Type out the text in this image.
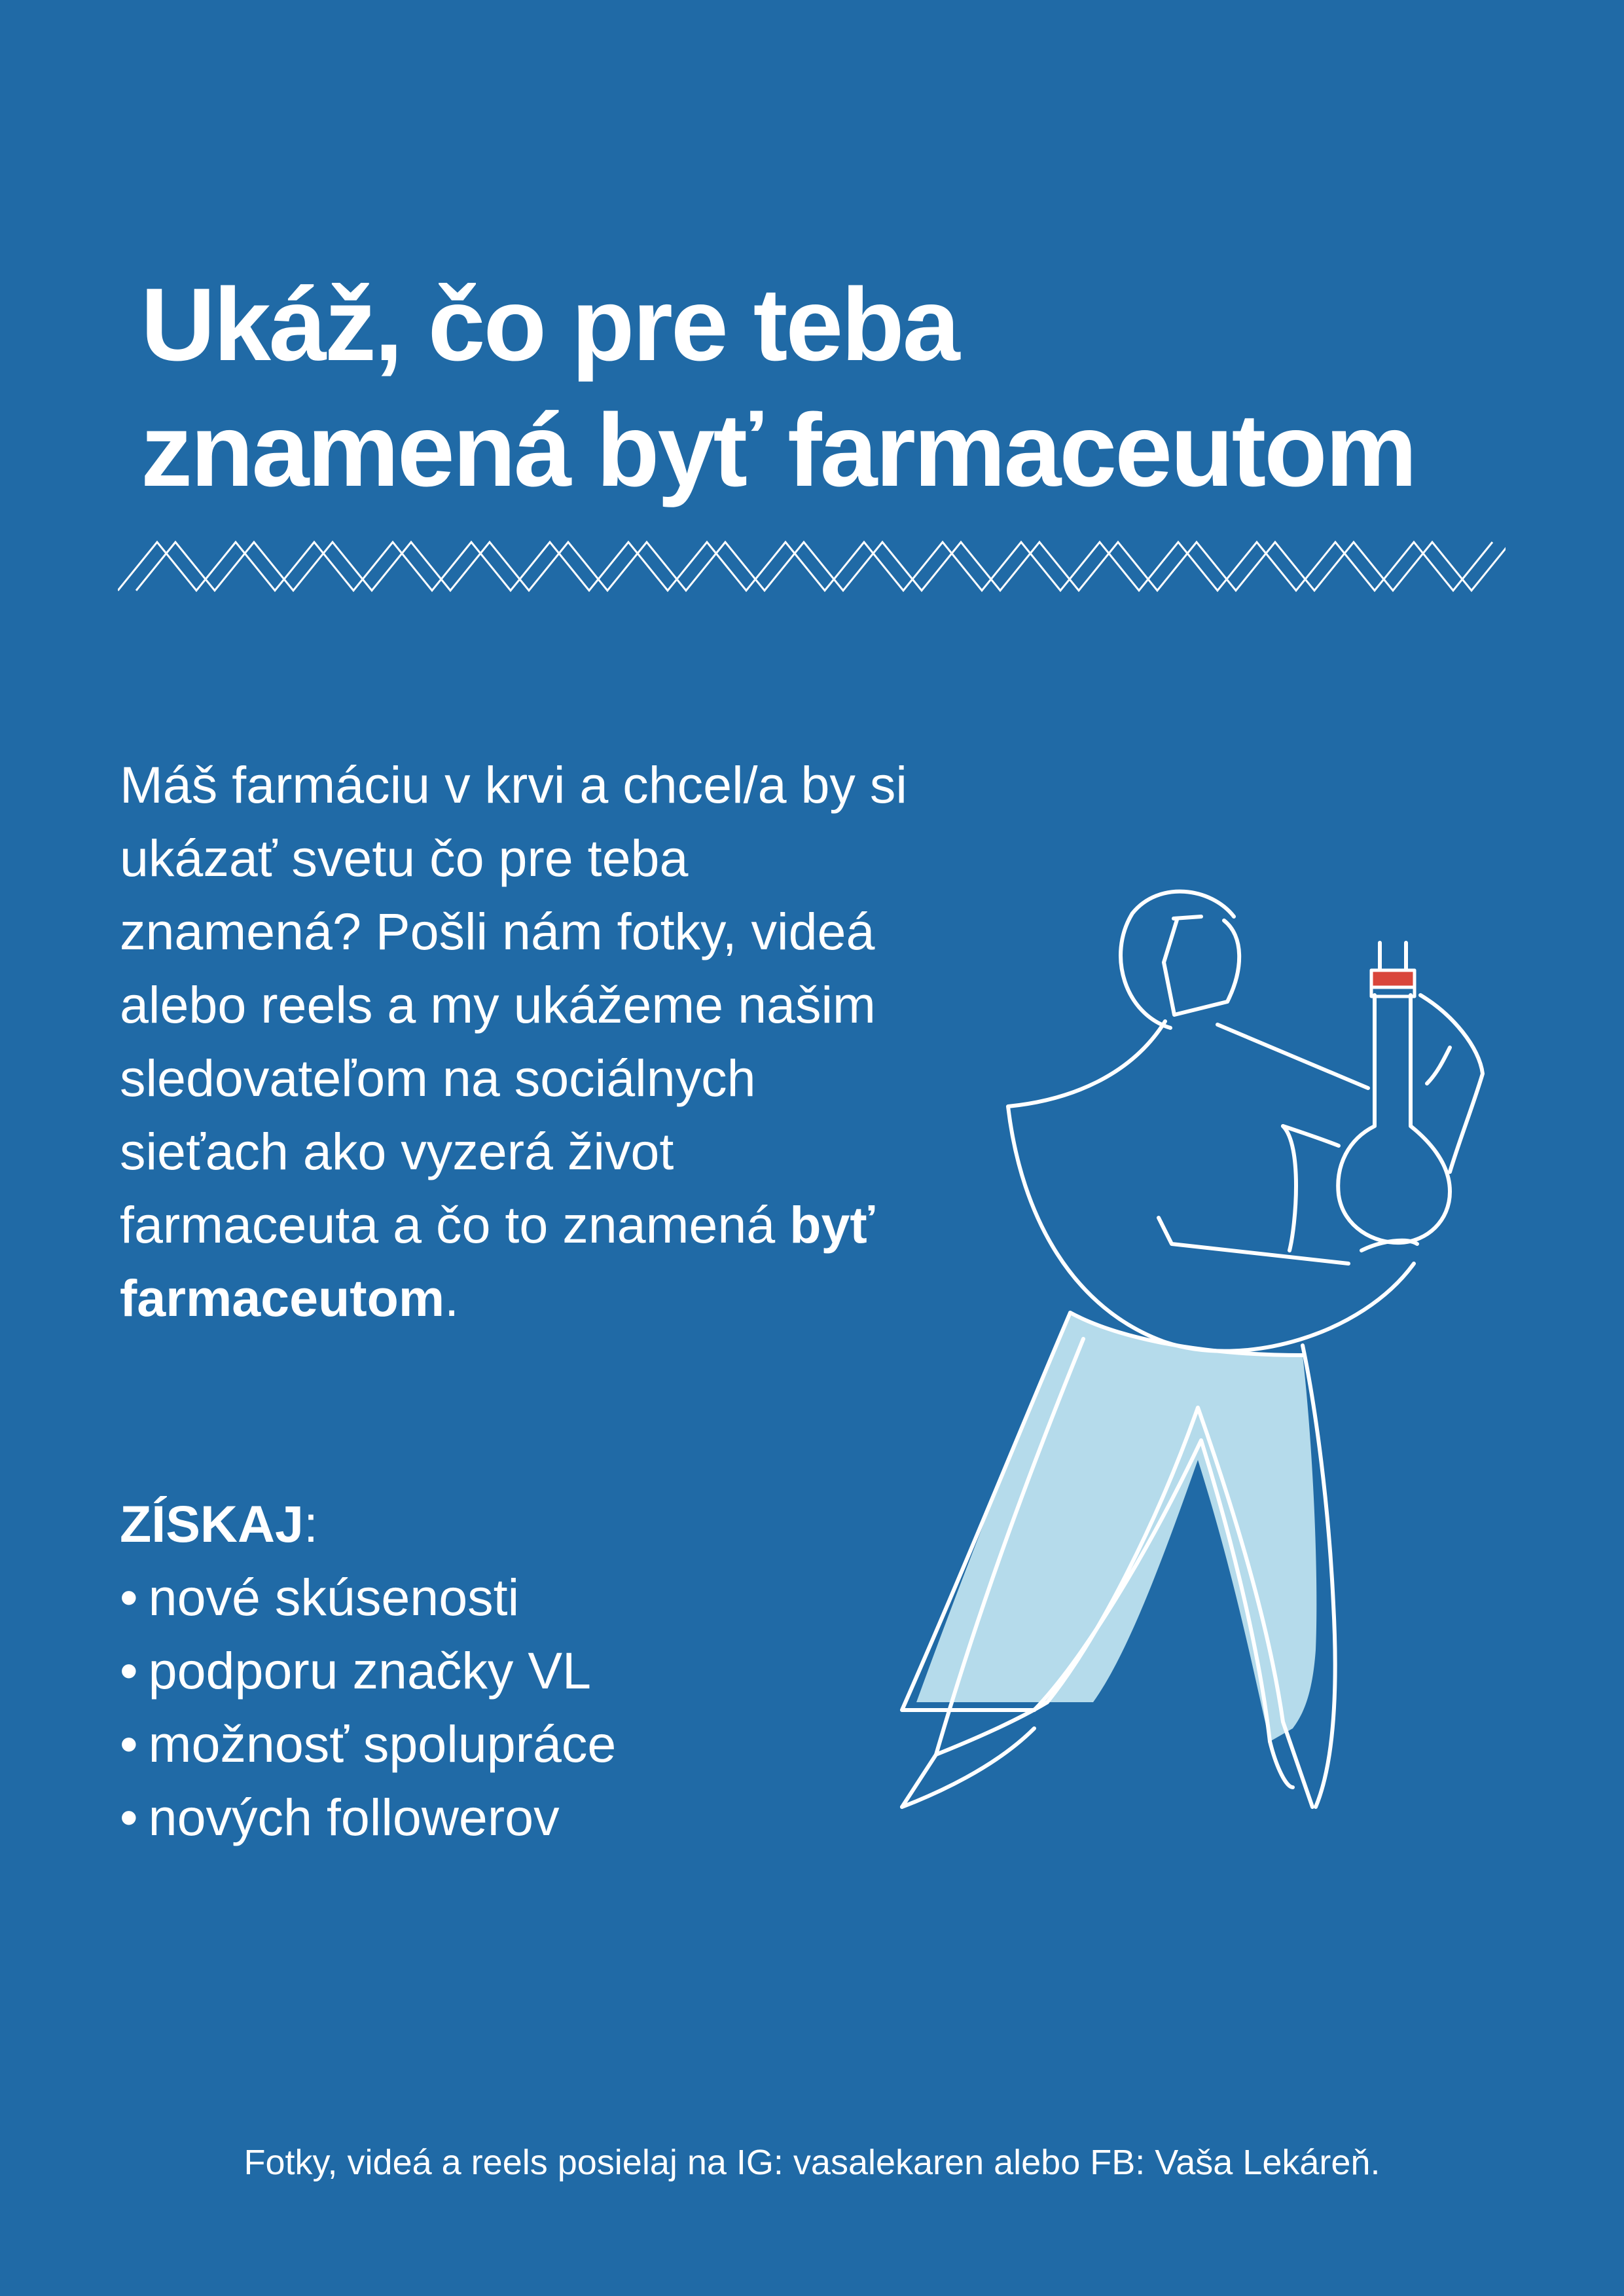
Ukáž, čo pre teba
znamená byť farmaceutom

Máš farmáciu v krvi a chcel/a by si ukázať svetu čo pre teba znamená? Pošli nám fotky, videá alebo reels a my ukážeme našim sledovateľom na sociálnych sieťach ako vyzerá život farmaceuta a čo to znamená byť farmaceutom.

ZÍSKAJ:
• nové skúsenosti
• podporu značky VL
• možnosť spolupráce
• nových followerov
Fotky, videá a reels posielaj na IG: vasalekaren alebo FB: Vaša Lekáreň.
